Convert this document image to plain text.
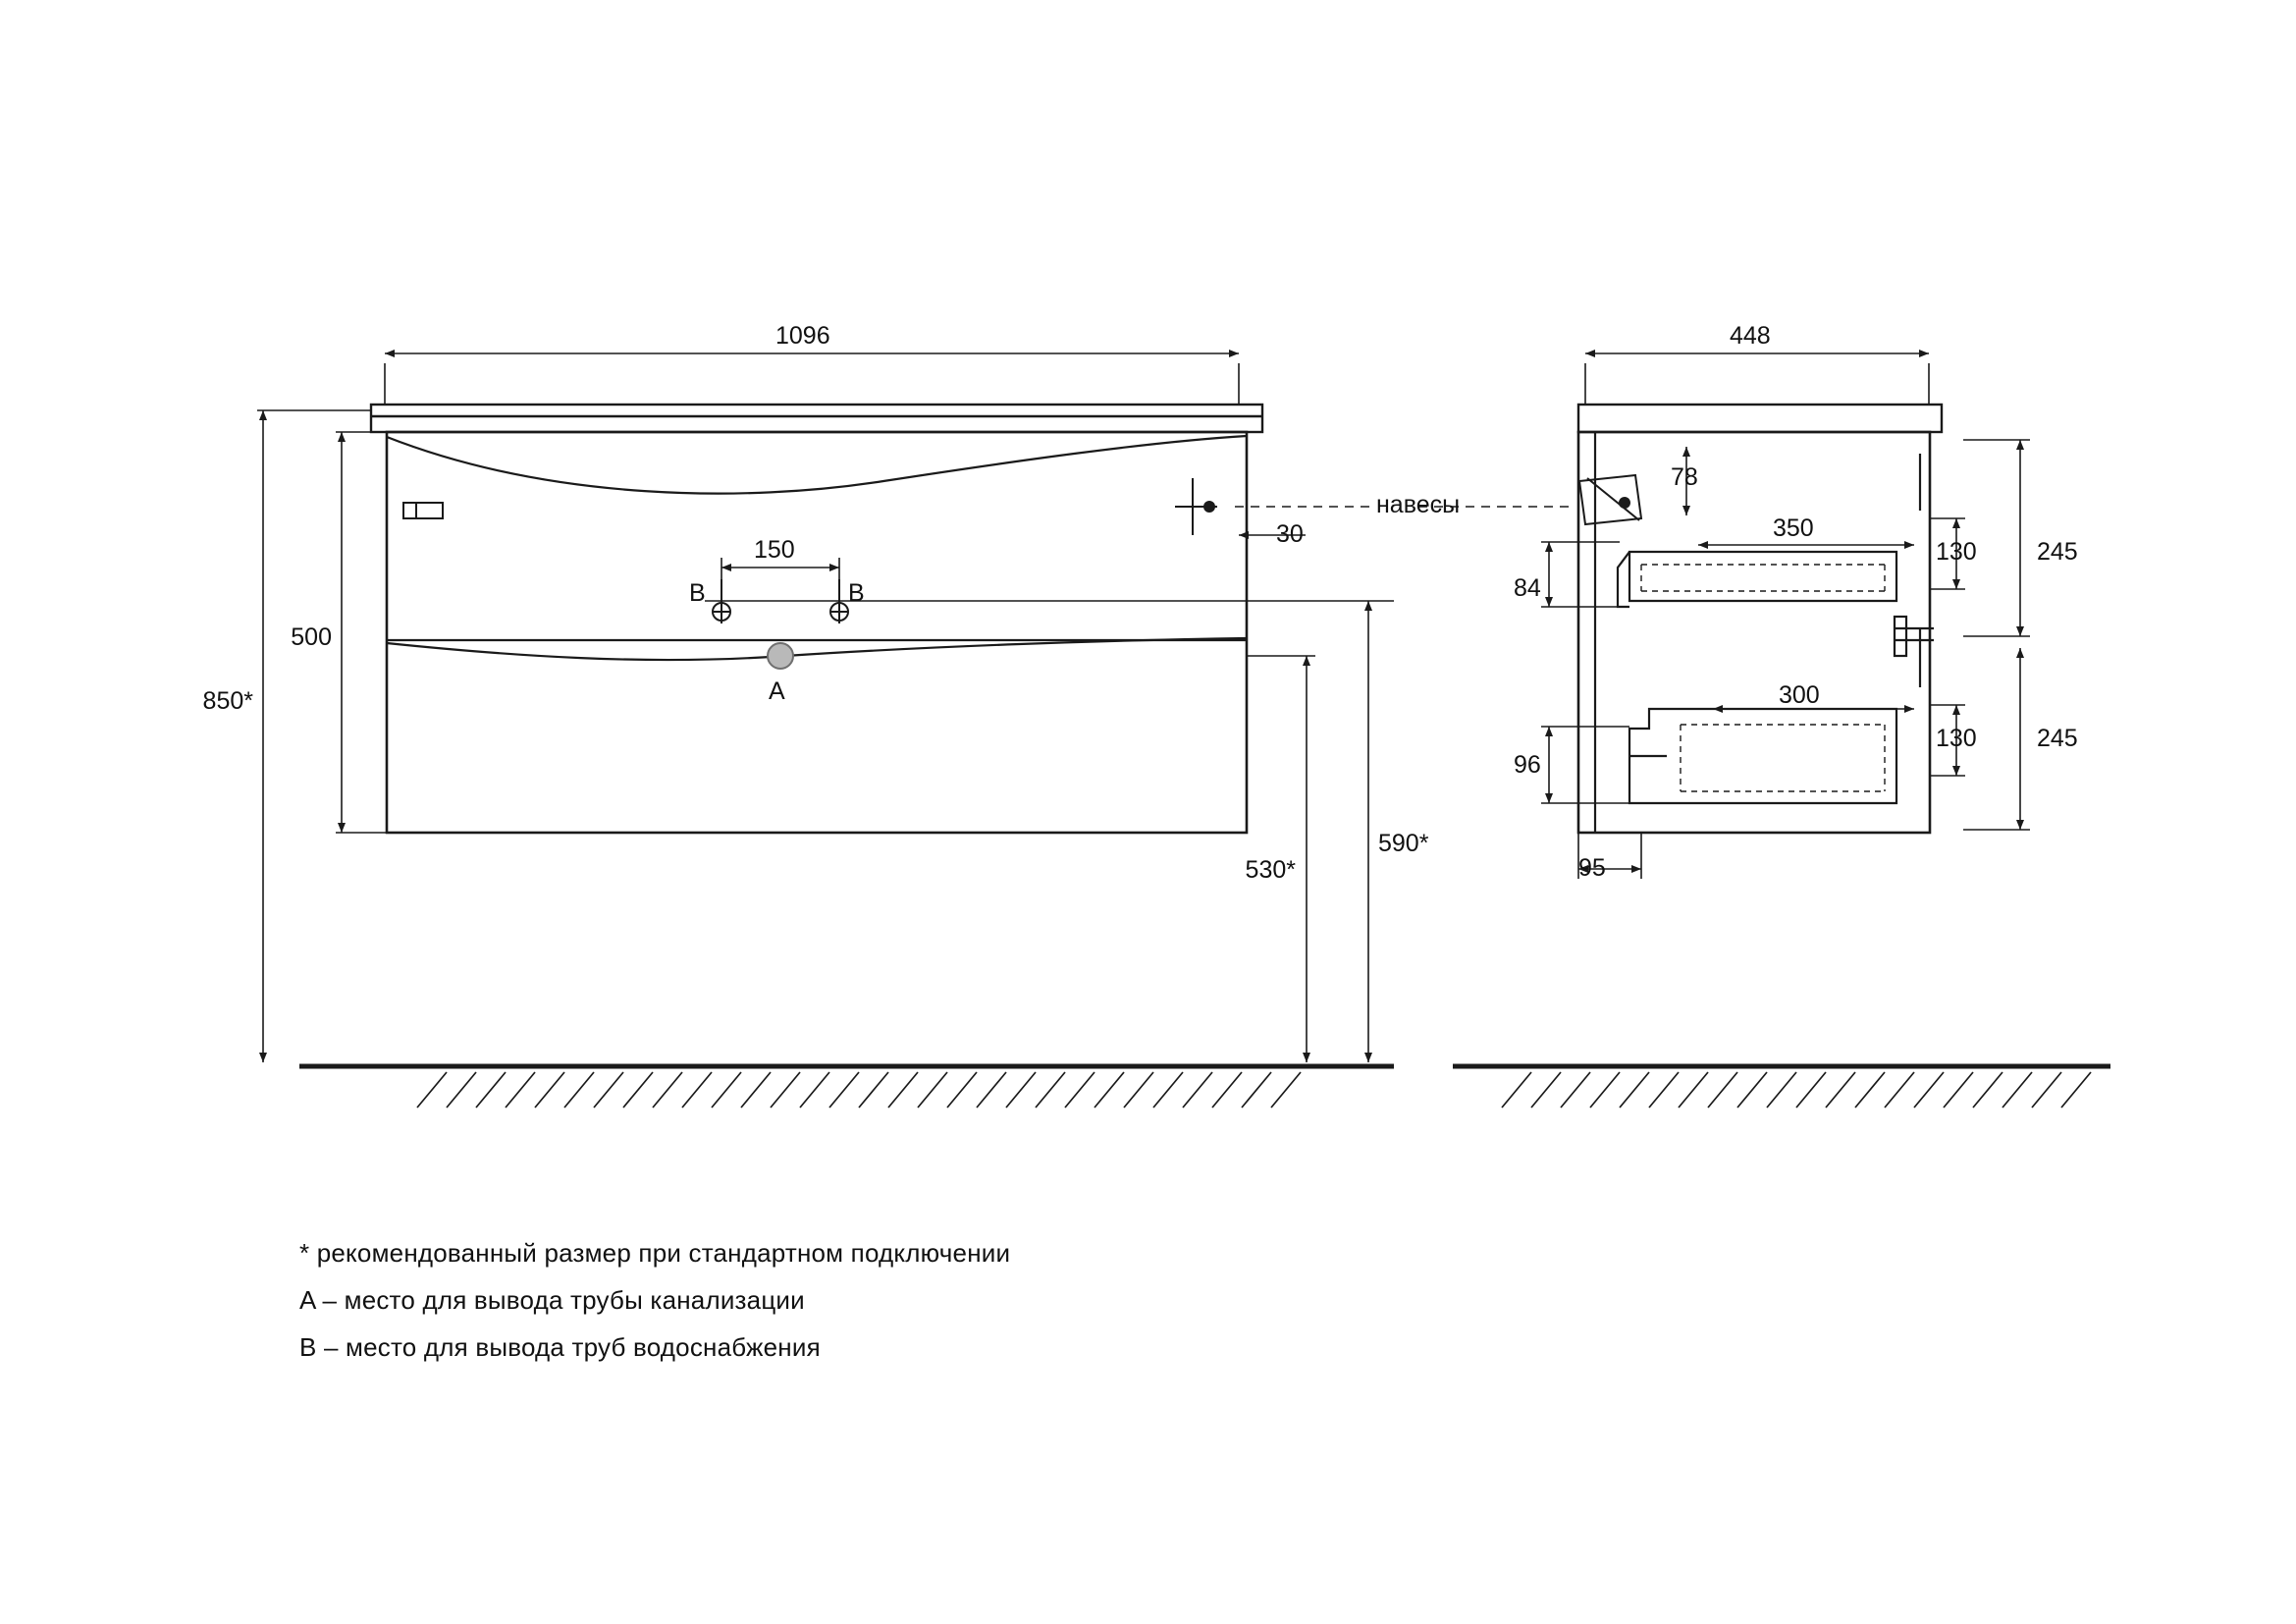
1096
850*
500
30
150
B	B
A
590*
530*
навесы
448
78
350
130 245
84
300
130 245
96
95
* рекомендованный размер при стандартном подключении
A – место для вывода трубы канализации
B – место для вывода труб водоснабжения
